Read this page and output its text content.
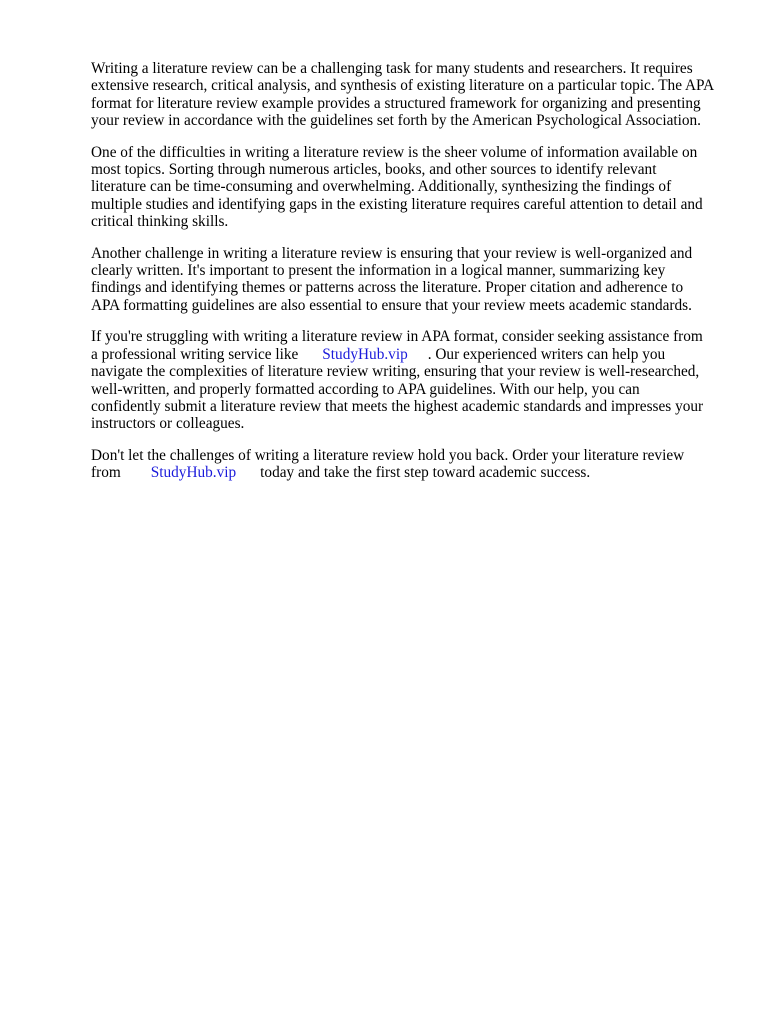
Writing a literature review can be a challenging task for many students and researchers. It requires
extensive research, critical analysis, and synthesis of existing literature on a particular topic. The APA
format for literature review example provides a structured framework for organizing and presenting
your review in accordance with the guidelines set forth by the American Psychological Association.

One of the difficulties in writing a literature review is the sheer volume of information available on
most topics. Sorting through numerous articles, books, and other sources to identify relevant
literature can be time-consuming and overwhelming. Additionally, synthesizing the findings of
multiple studies and identifying gaps in the existing literature requires careful attention to detail and
critical thinking skills.

Another challenge in writing a literature review is ensuring that your review is well-organized and
clearly written. It's important to present the information in a logical manner, summarizing key
findings and identifying themes or patterns across the literature. Proper citation and adherence to
APA formatting guidelines are also essential to ensure that your review meets academic standards.

If you're struggling with writing a literature review in APA format, consider seeking assistance from
a professional writing service like StudyHub.vip . Our experienced writers can help you
navigate the complexities of literature review writing, ensuring that your review is well-researched,
well-written, and properly formatted according to APA guidelines. With our help, you can
confidently submit a literature review that meets the highest academic standards and impresses your
instructors or colleagues.

Don't let the challenges of writing a literature review hold you back. Order your literature review
from StudyHub.vip today and take the first step toward academic success.
